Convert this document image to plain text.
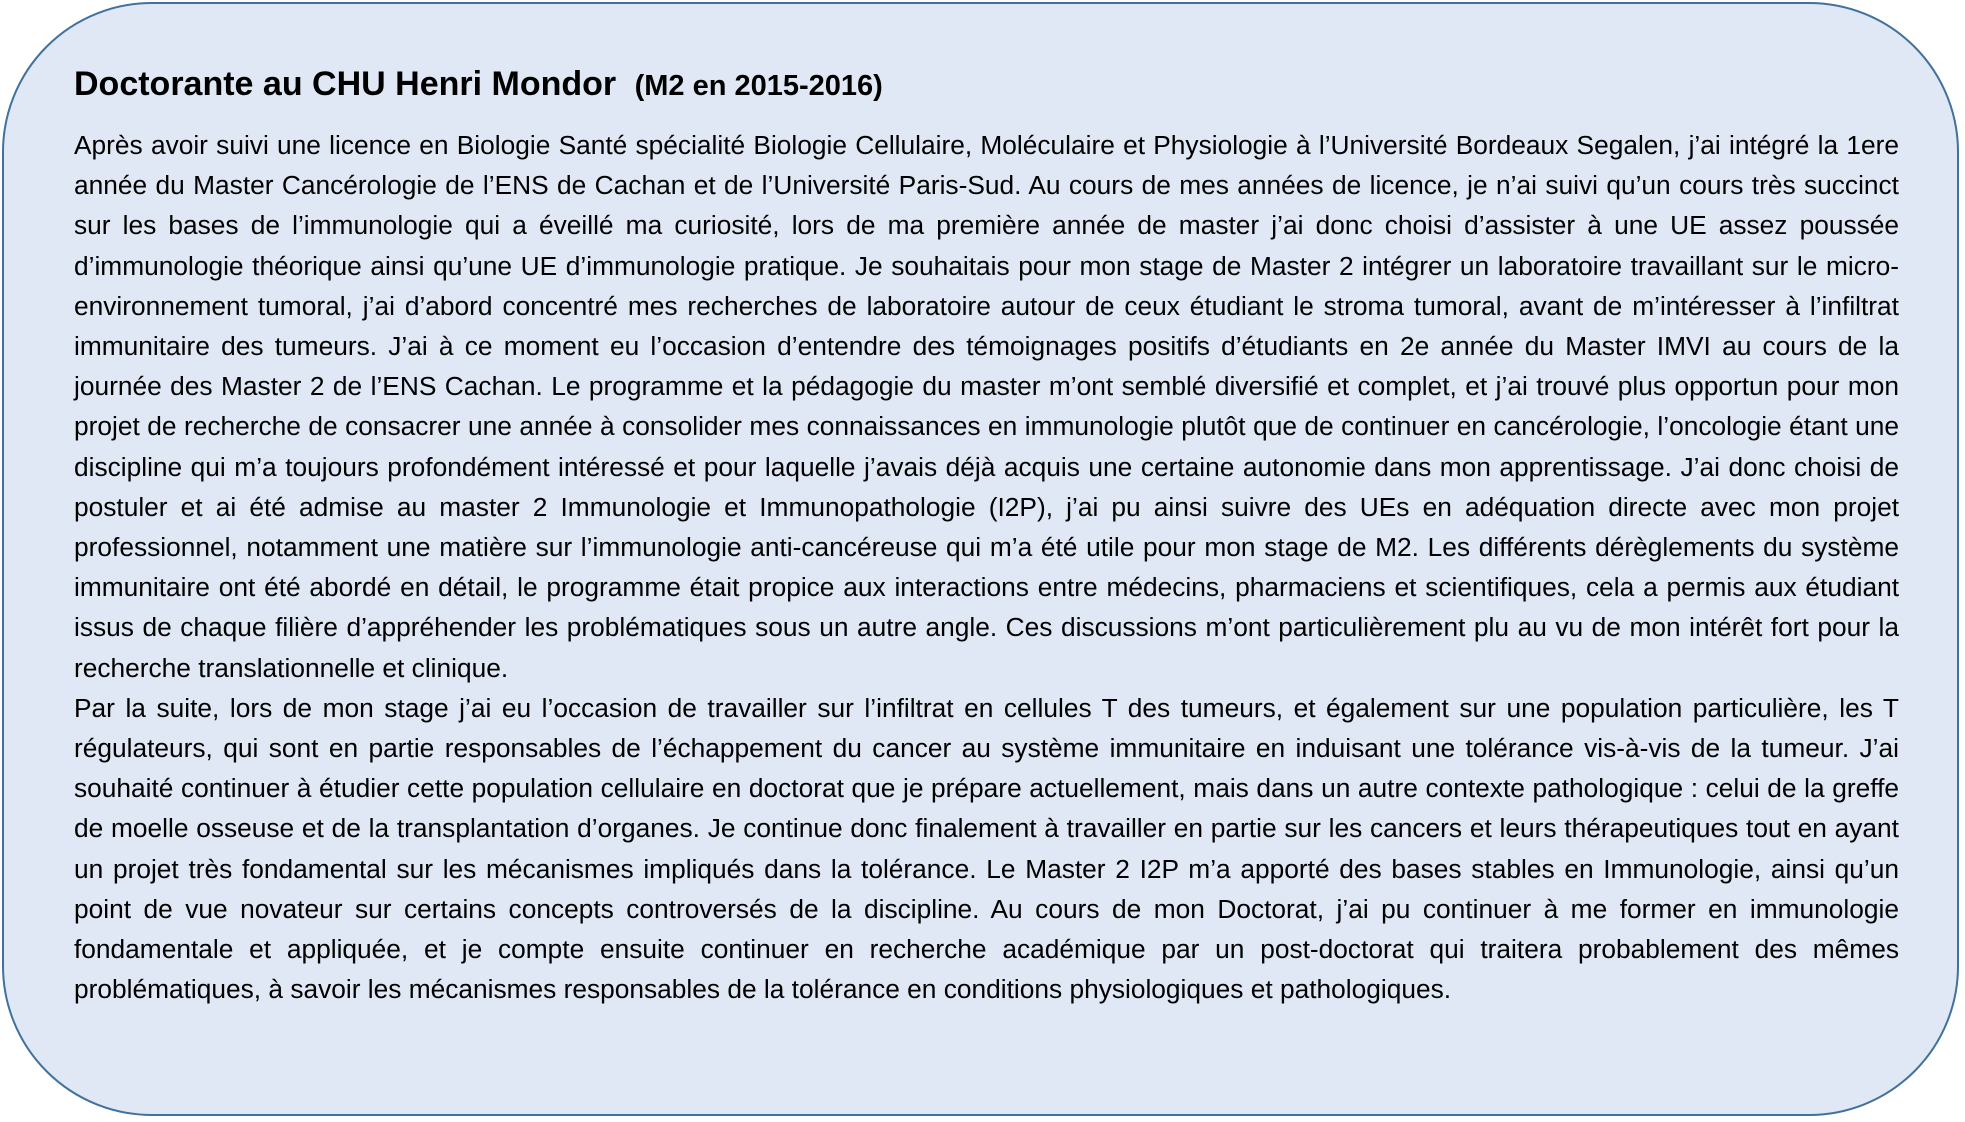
Doctorante au CHU Henri Mondor (M2 en 2015-2016)

Après avoir suivi une licence en Biologie Santé spécialité Biologie Cellulaire, Moléculaire et Physiologie à l’Université Bordeaux Segalen, j’ai intégré la 1ere année du Master Cancérologie de l’ENS de Cachan et de l’Université Paris-Sud. Au cours de mes années de licence, je n’ai suivi qu’un cours très succinct sur les bases de l’immunologie qui a éveillé ma curiosité, lors de ma première année de master j’ai donc choisi d’assister à une UE assez poussée d’immunologie théorique ainsi qu’une UE d’immunologie pratique. Je souhaitais pour mon stage de Master 2 intégrer un laboratoire travaillant sur le micro-environnement tumoral, j’ai d’abord concentré mes recherches de laboratoire autour de ceux étudiant le stroma tumoral, avant de m’intéresser à l’infiltrat immunitaire des tumeurs. J’ai à ce moment eu l’occasion d’entendre des témoignages positifs d’étudiants en 2e année du Master IMVI au cours de la journée des Master 2 de l’ENS Cachan. Le programme et la pédagogie du master m’ont semblé diversifié et complet, et j’ai trouvé plus opportun pour mon projet de recherche de consacrer une année à consolider mes connaissances en immunologie plutôt que de continuer en cancérologie, l’oncologie étant une discipline qui m’a toujours profondément intéressé et pour laquelle j’avais déjà acquis une certaine autonomie dans mon apprentissage. J’ai donc choisi de postuler et ai été admise au master 2 Immunologie et Immunopathologie (I2P), j’ai pu ainsi suivre des UEs en adéquation directe avec mon projet professionnel, notamment une matière sur l’immunologie anti-cancéreuse qui m’a été utile pour mon stage de M2. Les différents dérèglements du système immunitaire ont été abordé en détail, le programme était propice aux interactions entre médecins, pharmaciens et scientifiques, cela a permis aux étudiant issus de chaque filière d’appréhender les problématiques sous un autre angle. Ces discussions m’ont particulièrement plu au vu de mon intérêt fort pour la recherche translationnelle et clinique.

Par la suite, lors de mon stage j’ai eu l’occasion de travailler sur l’infiltrat en cellules T des tumeurs, et également sur une population particulière, les T régulateurs, qui sont en partie responsables de l’échappement du cancer au système immunitaire en induisant une tolérance vis-à-vis de la tumeur. J’ai souhaité continuer à étudier cette population cellulaire en doctorat que je prépare actuellement, mais dans un autre contexte pathologique : celui de la greffe de moelle osseuse et de la transplantation d’organes. Je continue donc finalement à travailler en partie sur les cancers et leurs thérapeutiques tout en ayant un projet très fondamental sur les mécanismes impliqués dans la tolérance. Le Master 2 I2P m’a apporté des bases stables en Immunologie, ainsi qu’un point de vue novateur sur certains concepts controversés de la discipline. Au cours de mon Doctorat, j’ai pu continuer à me former en immunologie fondamentale et appliquée, et je compte ensuite continuer en recherche académique par un post-doctorat qui traitera probablement des mêmes problématiques, à savoir les mécanismes responsables de la tolérance en conditions physiologiques et pathologiques.
